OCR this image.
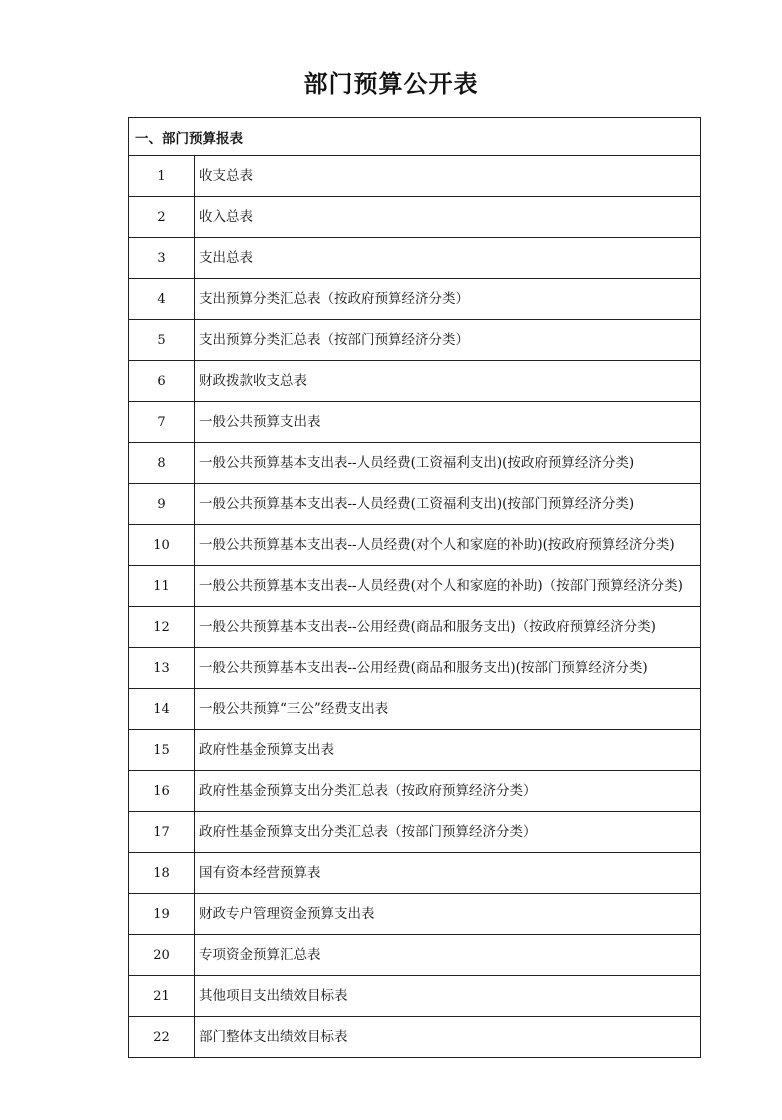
部门预算公开表
一、部门预算报表	
1	收支总表
2	收入总表
3	支出总表
4	支出预算分类汇总表（按政府预算经济分类）
5	支出预算分类汇总表（按部门预算经济分类）
6	财政拨款收支总表
7	一般公共预算支出表
8	一般公共预算基本支出表--人员经费(工资福利支出)(按政府预算经济分类)
9	一般公共预算基本支出表--人员经费(工资福利支出)(按部门预算经济分类)
10	一般公共预算基本支出表--人员经费(对个人和家庭的补助)(按政府预算经济分类)
11	一般公共预算基本支出表--人员经费(对个人和家庭的补助)（按部门预算经济分类)
12	一般公共预算基本支出表--公用经费(商品和服务支出)（按政府预算经济分类)
13	一般公共预算基本支出表--公用经费(商品和服务支出)(按部门预算经济分类)
14	一般公共预算“三公”经费支出表
15	政府性基金预算支出表
16	政府性基金预算支出分类汇总表（按政府预算经济分类）
17	政府性基金预算支出分类汇总表（按部门预算经济分类）
18	国有资本经营预算表
19	财政专户管理资金预算支出表
20	专项资金预算汇总表
21	其他项目支出绩效目标表
22	部门整体支出绩效目标表
